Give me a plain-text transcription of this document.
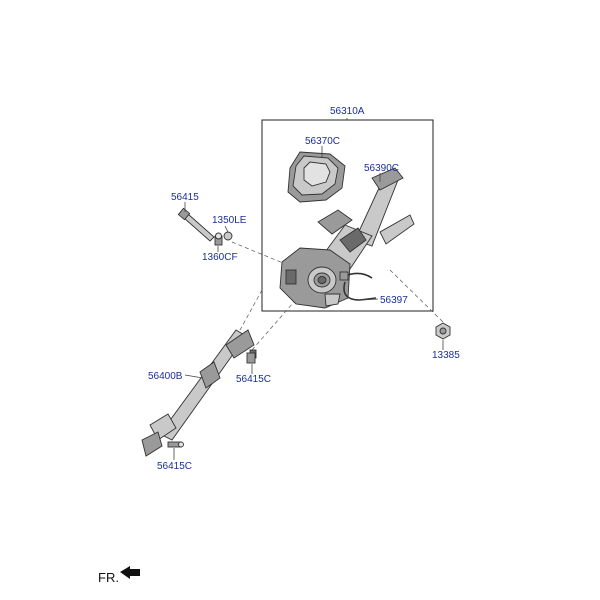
56310A
56370C
56390C
56415
1350LE
1360CF
56397
13385
56400B	56415C
56415C
FR.
